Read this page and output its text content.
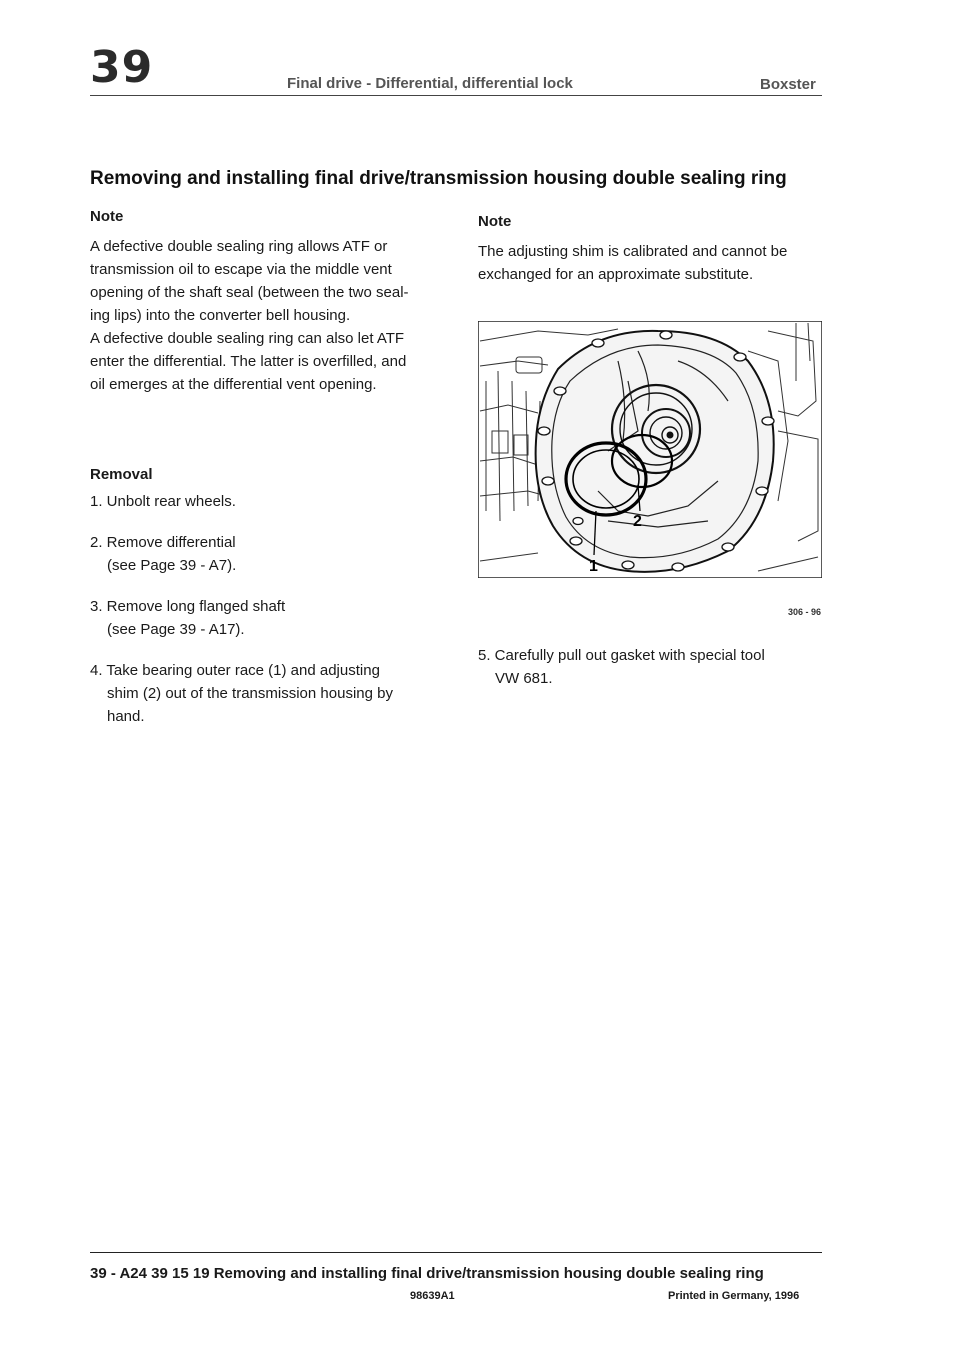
39	Final drive - Differential, differential lock	Boxster
Removing and installing final drive/transmission housing double sealing ring
Note
A defective double sealing ring allows ATF or
transmission oil to escape via the middle vent
opening of the shaft seal (between the two seal-
ing lips) into the converter bell housing.
A defective double sealing ring can also let ATF
enter the differential. The latter is overfilled, and
oil emerges at the differential vent opening.
Removal
1. Unbolt rear wheels.
2. Remove differential
(see Page 39 - A7).
3. Remove long flanged shaft
(see Page 39 - A17).
4. Take bearing outer race (1) and adjusting
shim (2) out of the transmission housing by
hand.
Note
The adjusting shim is calibrated and cannot be
exchanged for an approximate substitute.
1
2
306 - 96
5. Carefully pull out gasket with special tool
VW 681.
39 - A24 39 15 19 Removing and installing final drive/transmission housing double sealing ring
98639A1	Printed in Germany, 1996
